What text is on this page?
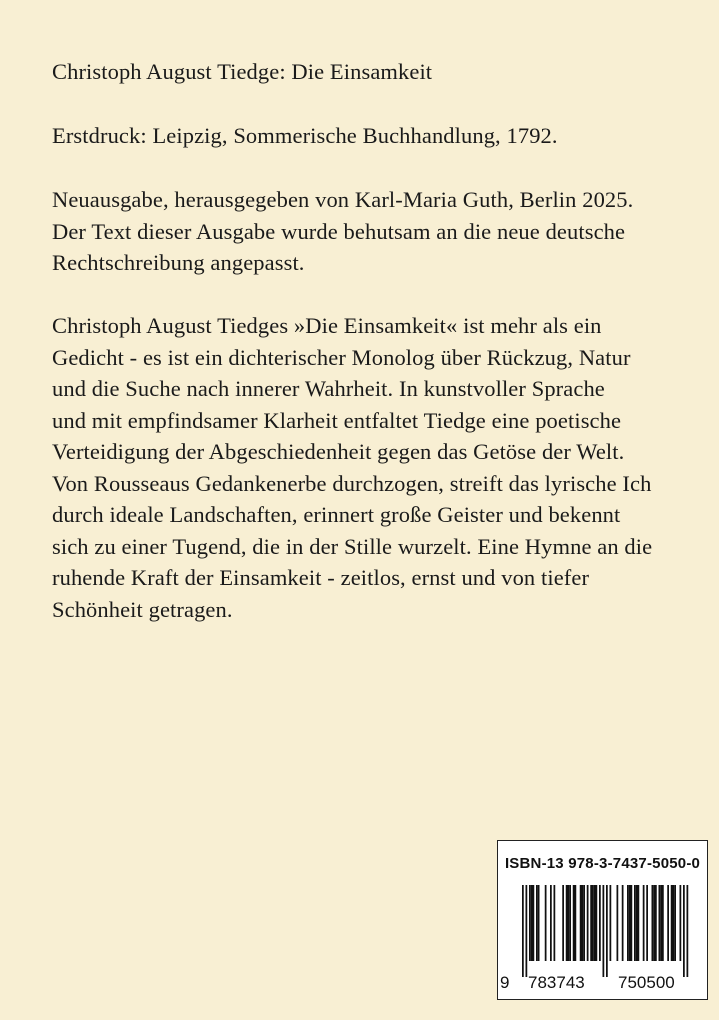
Christoph August Tiedge: Die Einsamkeit

Erstdruck: Leipzig, Sommerische Buchhandlung, 1792.

Neuausgabe, herausgegeben von Karl-Maria Guth, Berlin 2025.
Der Text dieser Ausgabe wurde behutsam an die neue deutsche
Rechtschreibung angepasst.
Christoph August Tiedges »Die Einsamkeit« ist mehr als ein
Gedicht - es ist ein dichterischer Monolog über Rückzug, Natur
und die Suche nach innerer Wahrheit. In kunstvoller Sprache
und mit empfindsamer Klarheit entfaltet Tiedge eine poetische
Verteidigung der Abgeschiedenheit gegen das Getöse der Welt.
Von Rousseaus Gedankenerbe durchzogen, streift das lyrische Ich
durch ideale Landschaften, erinnert große Geister und bekennt
sich zu einer Tugend, die in der Stille wurzelt. Eine Hymne an die
ruhende Kraft der Einsamkeit - zeitlos, ernst und von tiefer
Schönheit getragen.
ISBN-13 978-3-7437-5050-0
9 783743 750500
